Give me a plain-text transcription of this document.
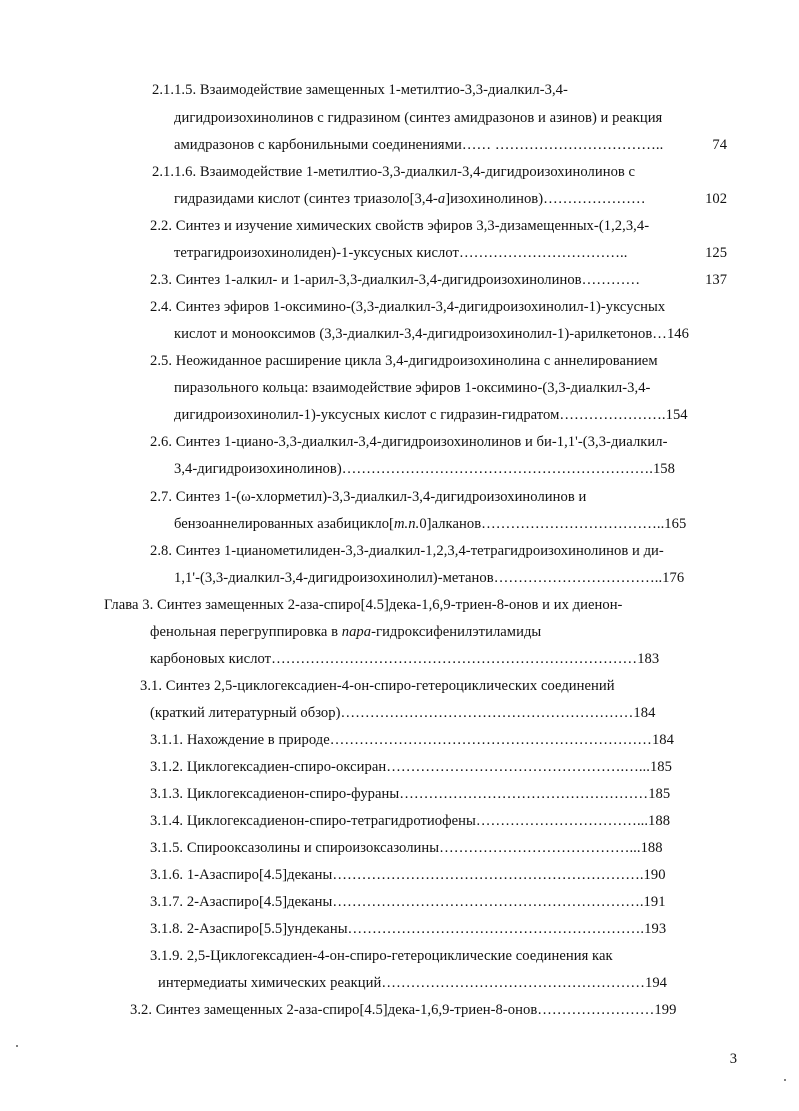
2.1.1.5. Взаимодействие замещенных 1-метилтио-3,3-диалкил-3,4-
дигидроизохинолинов с гидразином (синтез амидразонов и азинов) и реакция
амидразонов с карбонильными соединениями…… ……………………………..	74
2.1.1.6. Взаимодействие 1-метилтио-3,3-диалкил-3,4-дигидроизохинолинов с
гидразидами кислот (синтез триазоло[3,4-a]изохинолинов)…………………	102
2.2. Синтез и изучение химических свойств эфиров 3,3-дизамещенных-(1,2,3,4-
тетрагидроизохинолиден)-1-уксусных кислот……………………………..	125
2.3. Синтез 1-алкил- и 1-арил-3,3-диалкил-3,4-дигидроизохинолинов…………	137
2.4. Синтез эфиров 1-оксимино-(3,3-диалкил-3,4-дигидроизохинолил-1)-уксусных
кислот и монооксимов (3,3-диалкил-3,4-дигидроизохинолил-1)-арилкетонов…146
2.5. Неожиданное расширение цикла 3,4-дигидроизохинолина с аннелированием
пиразольного кольца: взаимодействие эфиров 1-оксимино-(3,3-диалкил-3,4-
дигидроизохинолил-1)-уксусных кислот с гидразин-гидратом………………….154
2.6. Синтез 1-циано-3,3-диалкил-3,4-дигидроизохинолинов и би-1,1'-(3,3-диалкил-
3,4-дигидроизохинолинов)……………………………………………………….158
2.7. Синтез 1-(ω-хлорметил)-3,3-диалкил-3,4-дигидроизохинолинов и
бензоаннелированных азабицикло[m.n.0]алканов………………………………..165
2.8. Синтез 1-цианометилиден-3,3-диалкил-1,2,3,4-тетрагидроизохинолинов и ди-
1,1'-(3,3-диалкил-3,4-дигидроизохинолил)-метанов……………………………..176
Глава 3. Синтез замещенных 2-аза-спиро[4.5]дека-1,6,9-триен-8-онов и их диенон-
фенольная перегруппировка в пара-гидроксифенилэтиламиды
карбоновых кислот…………………………………………………………………183
3.1. Синтез 2,5-циклогексадиен-4-он-спиро-гетероциклических соединений
(краткий литературный обзор)……………………………………………………184
3.1.1. Нахождение в природе…………………………………………………………184
3.1.2. Циклогексадиен-спиро-оксиран………………………………………….…...185
3.1.3. Циклогексадиенон-спиро-фураны……………………………………………185
3.1.4. Циклогексадиенон-спиро-тетрагидротиофены……………………………...188
3.1.5. Спирооксазолины и спироизоксазолины…………………………………...188
3.1.6. 1-Азаспиро[4.5]деканы……………………………………………………….190
3.1.7. 2-Азаспиро[4.5]деканы……………………………………………………….191
3.1.8. 2-Азаспиро[5.5]ундеканы…………………………………………………….193
3.1.9. 2,5-Циклогексадиен-4-он-спиро-гетероциклические соединения как
интермедиаты химических реакций………………………………………………194
3.2. Синтез замещенных 2-аза-спиро[4.5]дека-1,6,9-триен-8-онов……………………199
3
